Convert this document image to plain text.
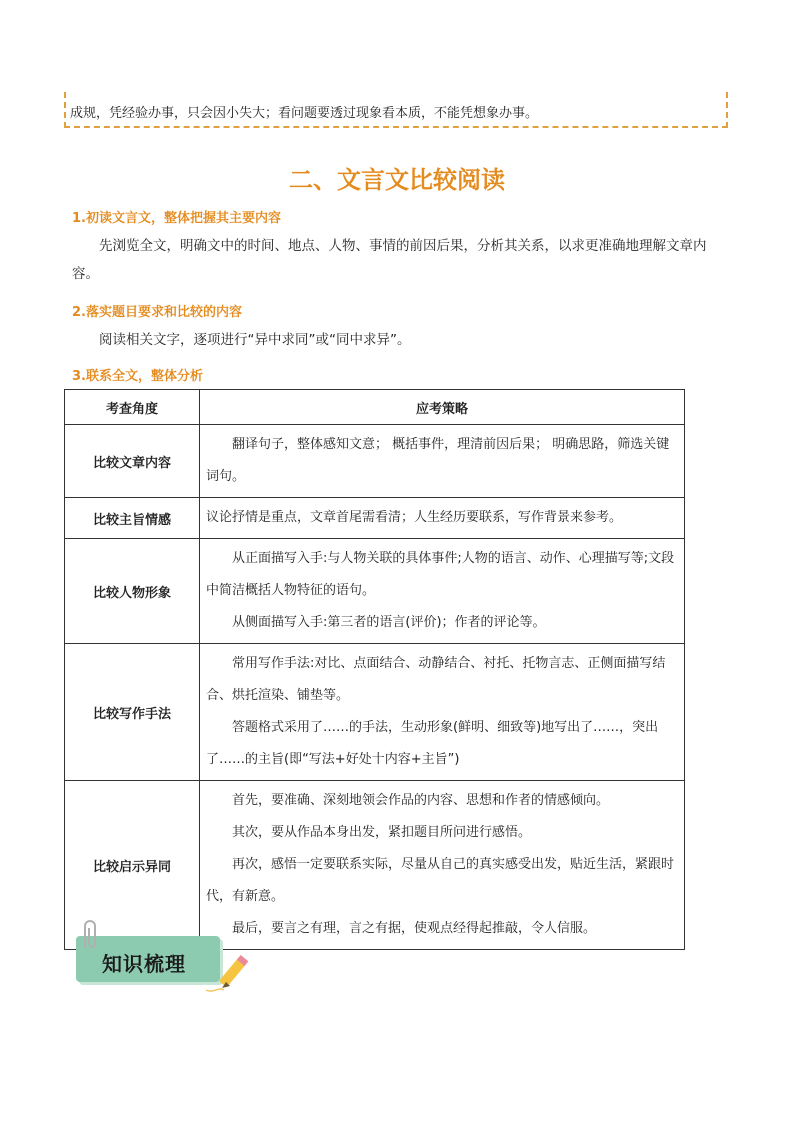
成规，凭经验办事，只会因小失大；看问题要透过现象看本质，不能凭想象办事。
二、文言文比较阅读
1.初读文言文，整体把握其主要内容
先浏览全文，明确文中的时间、地点、人物、事情的前因后果，分析其关系，以求更准确地理解文章内容。
2.落实题目要求和比较的内容
阅读相关文字，逐项进行“异中求同”或“同中求异”。
3.联系全文，整体分析
考查角度	应考策略
比较文章内容	翻译句子，整体感知文意； 概括事件，理清前因后果； 明确思路，筛选关键词句。

比较主旨情感	议论抒情是重点，文章首尾需看清；人生经历要联系，写作背景来参考。

比较人物形象	从正面描写入手:与人物关联的具体事件;人物的语言、动作、心理描写等;文段中简洁概括人物特征的语句。

从侧面描写入手:第三者的语言(评价)；作者的评论等。

比较写作手法	常用写作手法:对比、点面结合、动静结合、衬托、托物言志、正侧面描写结合、烘托渲染、铺垫等。

答题格式采用了……的手法，生动形象(鲜明、细致等)地写出了……，突出了……的主旨(即“写法+好处十内容+主旨”)

比较启示异同	首先，要准确、深刻地领会作品的内容、思想和作者的情感倾向。

其次，要从作品本身出发，紧扣题目所问进行感悟。

再次，感悟一定要联系实际，尽量从自己的真实感受出发，贴近生活，紧跟时代，有新意。

最后，要言之有理，言之有据，使观点经得起推敲，令人信服。

知识梳理
